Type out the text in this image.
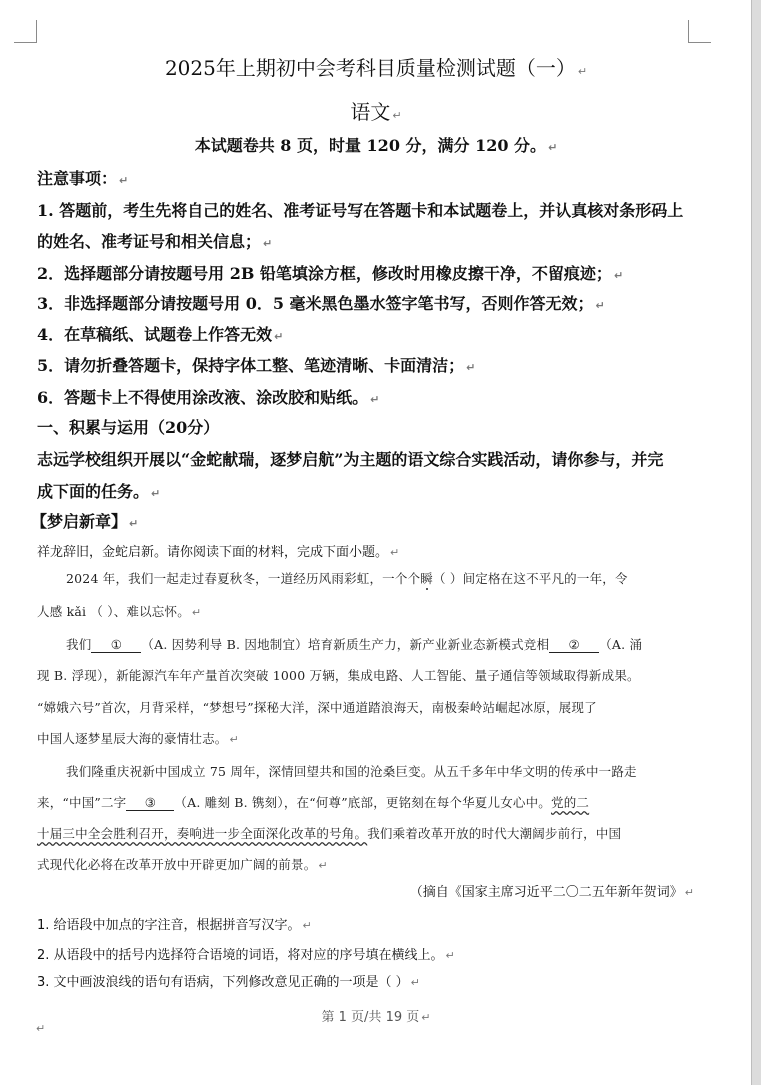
2025年上期初中会考科目质量检测试题（一） ↵
语文 ↵
本试题卷共 8 页，时量 120 分，满分 120 分。 ↵
注意事项： ↵
1. 答题前，考生先将自己的姓名、准考证号写在答题卡和本试题卷上，并认真核对条形码上
的姓名、准考证号和相关信息； ↵
2．选择题部分请按题号用 2B 铅笔填涂方框，修改时用橡皮擦干净，不留痕迹； ↵
3．非选择题部分请按题号用 0．5 毫米黑色墨水签字笔书写，否则作答无效； ↵
4．在草稿纸、试题卷上作答无效 ↵
5．请勿折叠答题卡，保持字体工整、笔迹清晰、卡面清洁； ↵
6．答题卡上不得使用涂改液、涂改胶和贴纸。 ↵
一、积累与运用（20分）
志远学校组织开展以“金蛇献瑞，逐梦启航”为主题的语文综合实践活动，请你参与，并完
成下面的任务。 ↵
【梦启新章】 ↵
祥龙辞旧，金蛇启新。请你阅读下面的材料，完成下面小题。 ↵
2024 年，我们一起走过春夏秋冬，一道经历风雨彩虹，一个个瞬（ ）间定格在这不平凡的一年，令
人感 kǎi （ ）、难以忘怀。 ↵
我们 ① （A. 因势利导 B. 因地制宜）培育新质生产力，新产业新业态新模式竞相 ② （A. 涌
现 B. 浮现），新能源汽车年产量首次突破 1000 万辆，集成电路、人工智能、量子通信等领域取得新成果。
“嫦娥六号”首次，月背采样，“梦想号”探秘大洋，深中通道踏浪海天，南极秦岭站崛起冰原，展现了
中国人逐梦星辰大海的豪情壮志。 ↵
我们隆重庆祝新中国成立 75 周年，深情回望共和国的沧桑巨变。从五千多年中华文明的传承中一路走
来，“中国”二字 ③ （A. 雕刻 B. 镌刻），在“何尊”底部，更铭刻在每个华夏儿女心中。党的二
十届三中全会胜利召开，奏响进一步全面深化改革的号角。我们乘着改革开放的时代大潮阔步前行，中国
式现代化必将在改革开放中开辟更加广阔的前景。 ↵
（摘自《国家主席习近平二〇二五年新年贺词》 ↵
1. 给语段中加点的字注音，根据拼音写汉字。 ↵
2. 从语段中的括号内选择符合语境的词语，将对应的序号填在横线上。 ↵
3. 文中画波浪线的语句有语病，下列修改意见正确的一项是（ ） ↵
第 1 页/共 19 页 ↵
↵
